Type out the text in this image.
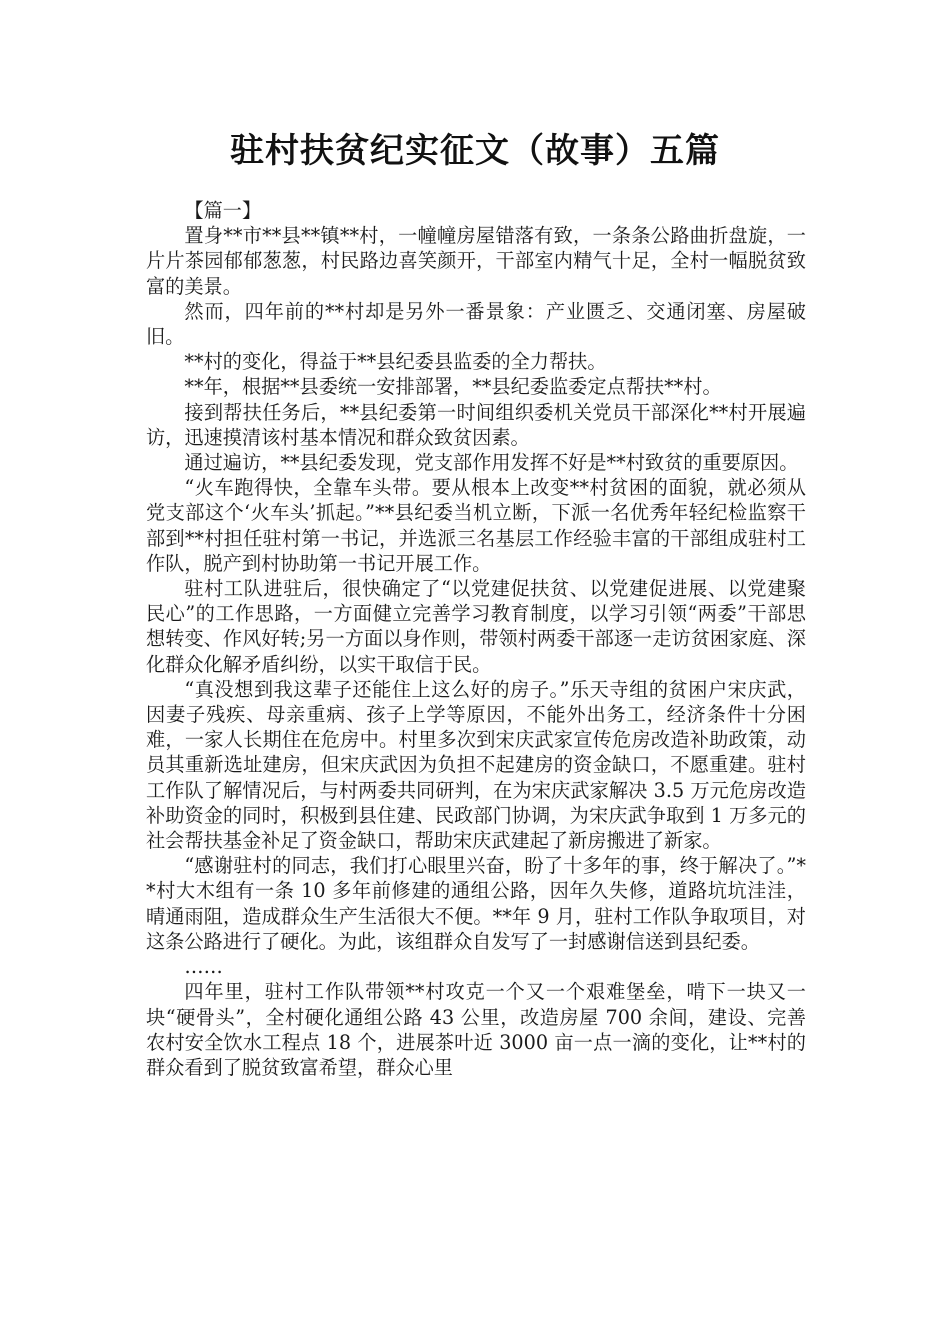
驻村扶贫纪实征文（故事）五篇

【篇一】

置身**市**县**镇**村，一幢幢房屋错落有致，一条条公路曲折盘旋，一片片茶园郁郁葱葱，村民路边喜笑颜开，干部室内精气十足，全村一幅脱贫致富的美景。

然而，四年前的**村却是另外一番景象：产业匮乏、交通闭塞、房屋破旧。

**村的变化，得益于**县纪委县监委的全力帮扶。

**年，根据**县委统一安排部署，**县纪委监委定点帮扶**村。

接到帮扶任务后，**县纪委第一时间组织委机关党员干部深化**村开展遍访，迅速摸清该村基本情况和群众致贫因素。

通过遍访，**县纪委发现，党支部作用发挥不好是**村致贫的重要原因。

“火车跑得快，全靠车头带。要从根本上改变**村贫困的面貌，就必须从党支部这个‘火车头’抓起。”**县纪委当机立断，下派一名优秀年轻纪检监察干部到**村担任驻村第一书记，并选派三名基层工作经验丰富的干部组成驻村工作队，脱产到村协助第一书记开展工作。

驻村工队进驻后，很快确定了“以党建促扶贫、以党建促进展、以党建聚民心”的工作思路，一方面健立完善学习教育制度，以学习引领“两委”干部思想转变、作风好转;另一方面以身作则，带领村两委干部逐一走访贫困家庭、深化群众化解矛盾纠纷，以实干取信于民。

“真没想到我这辈子还能住上这么好的房子。”乐天寺组的贫困户宋庆武，因妻子残疾、母亲重病、孩子上学等原因，不能外出务工，经济条件十分困难，一家人长期住在危房中。村里多次到宋庆武家宣传危房改造补助政策，动员其重新选址建房，但宋庆武因为负担不起建房的资金缺口，不愿重建。驻村工作队了解情况后，与村两委共同研判，在为宋庆武家解决 3.5 万元危房改造补助资金的同时，积极到县住建、民政部门协调，为宋庆武争取到 1 万多元的社会帮扶基金补足了资金缺口，帮助宋庆武建起了新房搬进了新家。

“感谢驻村的同志，我们打心眼里兴奋，盼了十多年的事，终于解决了。”**村大木组有一条 10 多年前修建的通组公路，因年久失修，道路坑坑洼洼，晴通雨阻，造成群众生产生活很大不便。**年 9 月，驻村工作队争取项目，对这条公路进行了硬化。为此，该组群众自发写了一封感谢信送到县纪委。

……

四年里，驻村工作队带领**村攻克一个又一个艰难堡垒，啃下一块又一块“硬骨头”，全村硬化通组公路 43 公里，改造房屋 700 余间，建设、完善农村安全饮水工程点 18 个，进展茶叶近 3000 亩一点一滴的变化，让**村的群众看到了脱贫致富希望，群众心里
